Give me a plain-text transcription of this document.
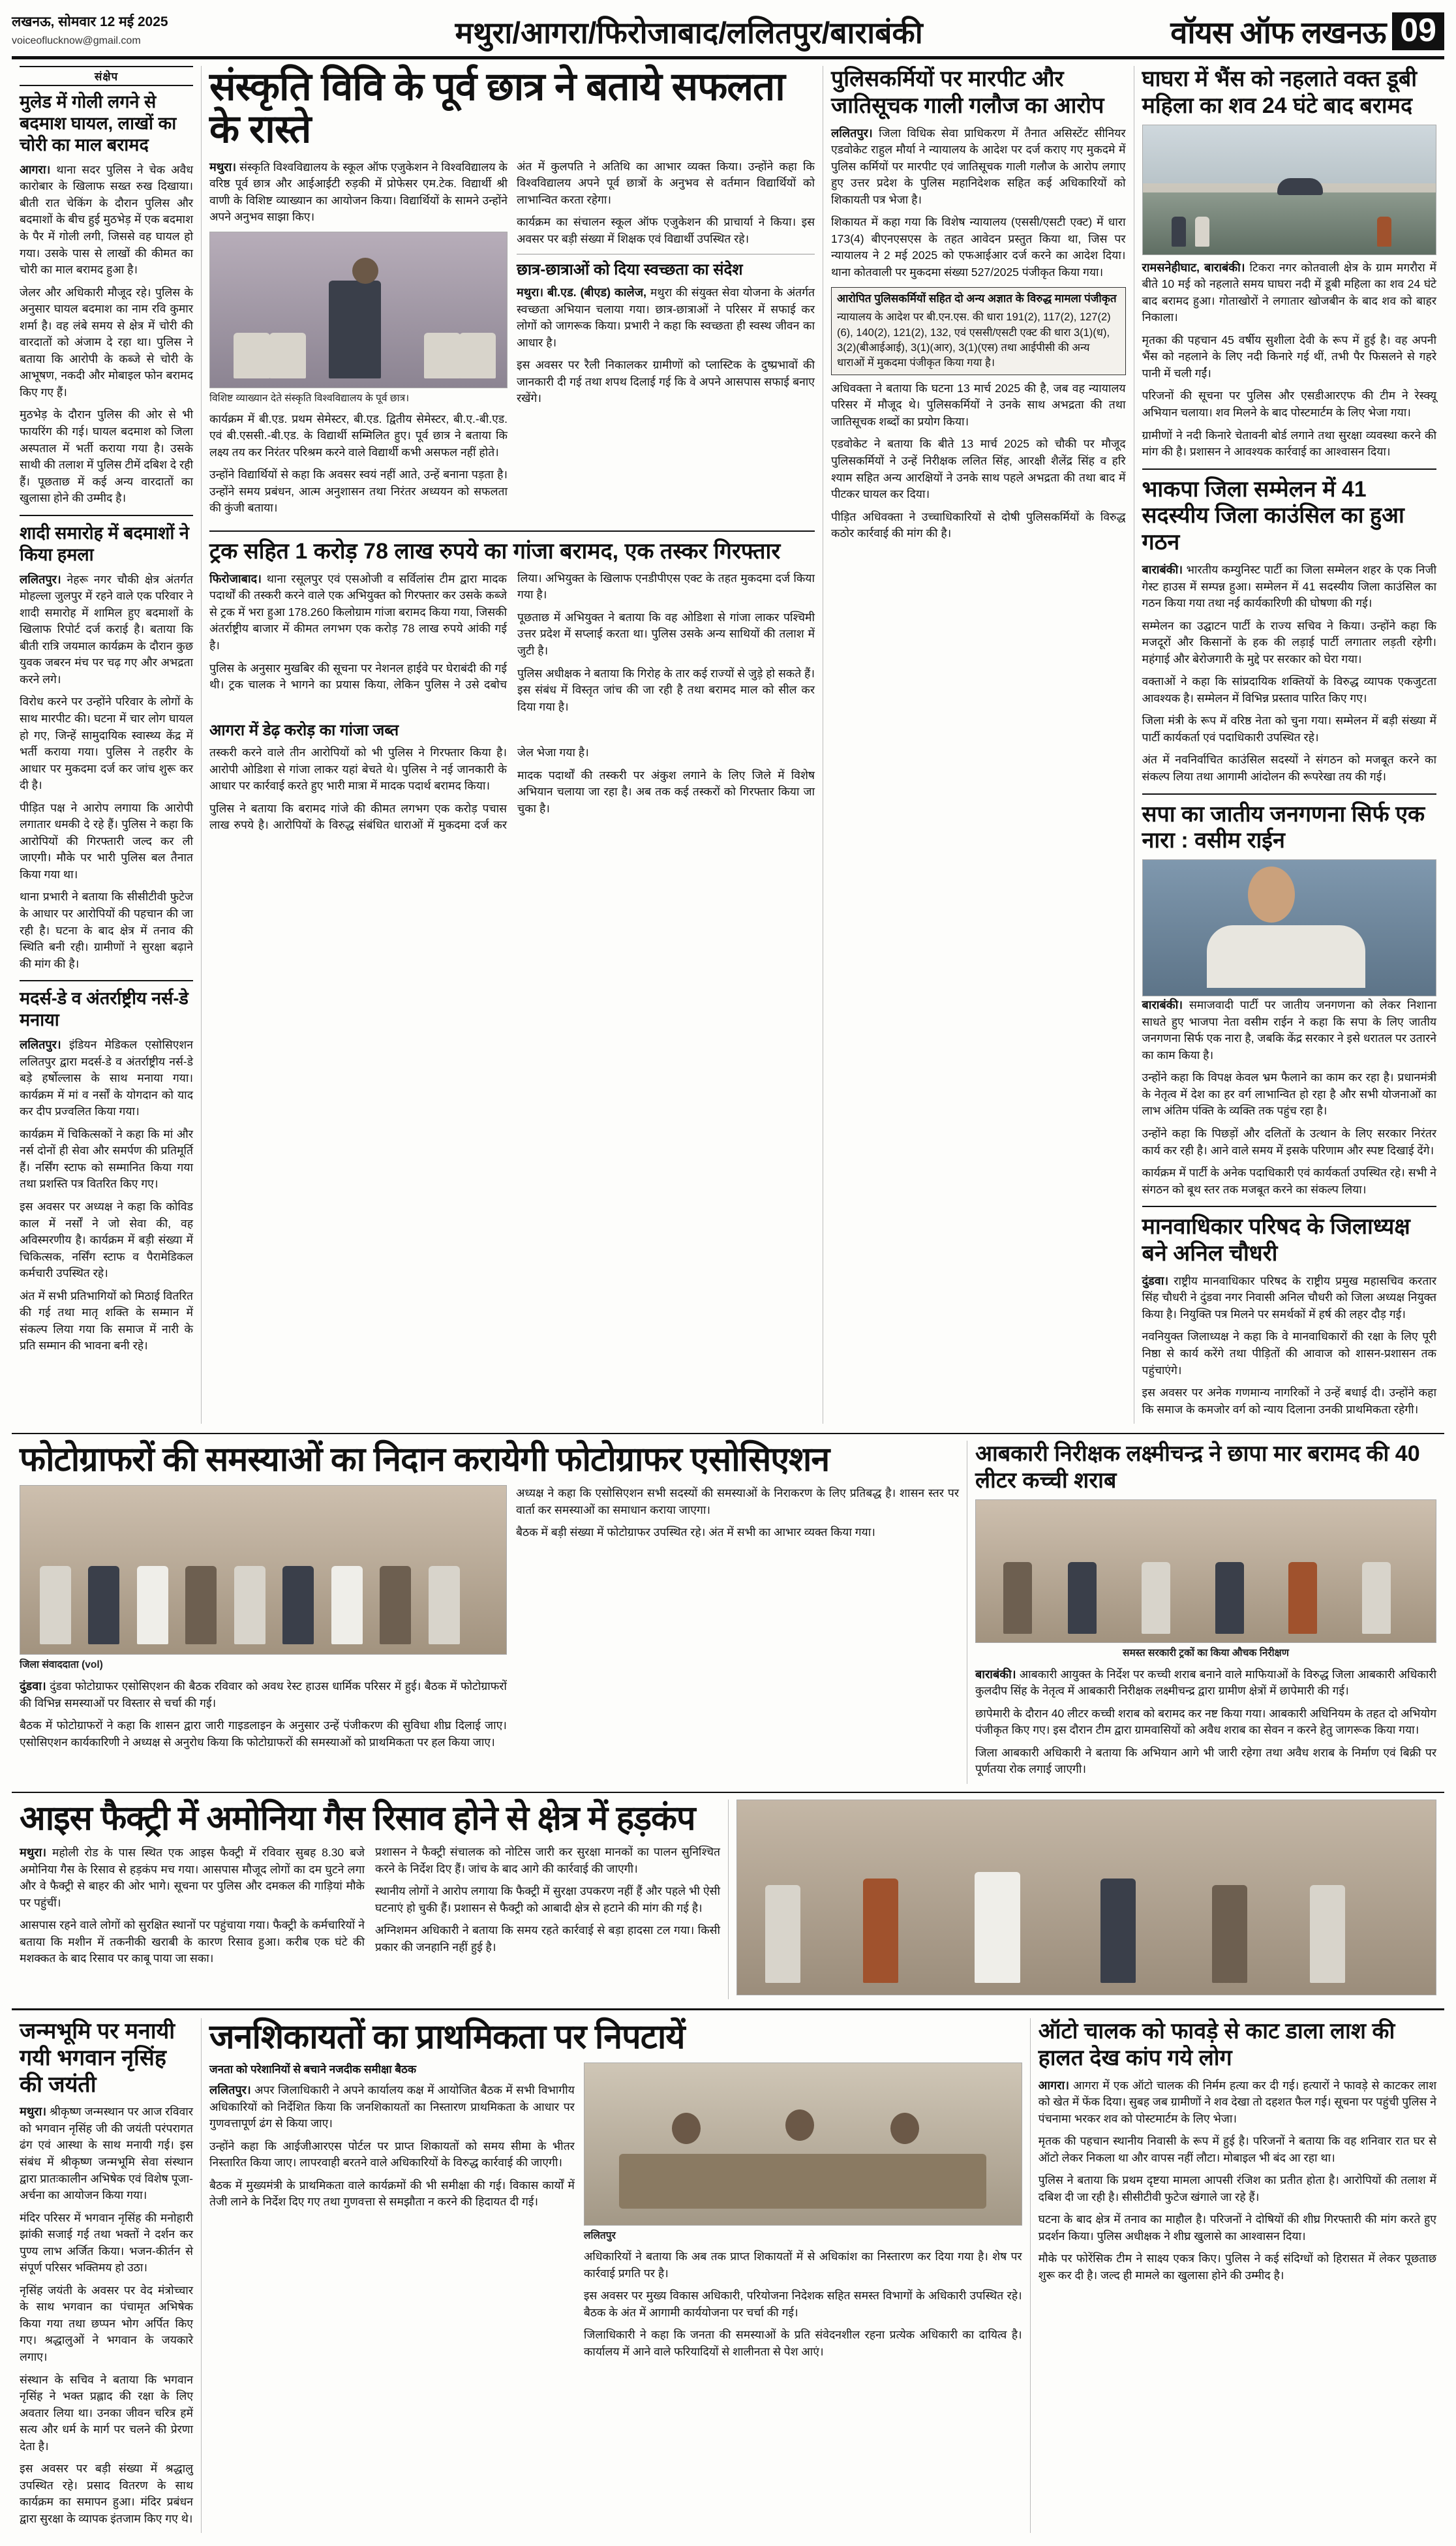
लखनऊ, सोमवार 12 मई 2025
voiceoflucknow@gmail.com	मथुरा/आगरा/फिरोजाबाद/ललितपुर/बाराबंकी	वॉयस ऑफ लखनऊ 09
संक्षेप
मुलेड में गोली लगने से बदमाश घायल, लाखों का चोरी का माल बरामद

आगरा। थाना सदर पुलिस ने चेक अवैध कारोबार के खिलाफ सख्त रुख दिखाया। बीती रात चेकिंग के दौरान पुलिस और बदमाशों के बीच हुई मुठभेड़ में एक बदमाश के पैर में गोली लगी, जिससे वह घायल हो गया। उसके पास से लाखों की कीमत का चोरी का माल बरामद हुआ है।

जेलर और अधिकारी मौजूद रहे। पुलिस के अनुसार घायल बदमाश का नाम रवि कुमार शर्मा है। वह लंबे समय से क्षेत्र में चोरी की वारदातों को अंजाम दे रहा था। पुलिस ने बताया कि आरोपी के कब्जे से चोरी के आभूषण, नकदी और मोबाइल फोन बरामद किए गए हैं।

मुठभेड़ के दौरान पुलिस की ओर से भी फायरिंग की गई। घायल बदमाश को जिला अस्पताल में भर्ती कराया गया है। उसके साथी की तलाश में पुलिस टीमें दबिश दे रही हैं। पूछताछ में कई अन्य वारदातों का खुलासा होने की उम्मीद है।

शादी समारोह में बदमाशों ने किया हमला

ललितपुर। नेहरू नगर चौकी क्षेत्र अंतर्गत मोहल्ला जुलपुर में रहने वाले एक परिवार ने शादी समारोह में शामिल हुए बदमाशों के खिलाफ रिपोर्ट दर्ज कराई है। बताया कि बीती रात्रि जयमाल कार्यक्रम के दौरान कुछ युवक जबरन मंच पर चढ़ गए और अभद्रता करने लगे।

विरोध करने पर उन्होंने परिवार के लोगों के साथ मारपीट की। घटना में चार लोग घायल हो गए, जिन्हें सामुदायिक स्वास्थ्य केंद्र में भर्ती कराया गया। पुलिस ने तहरीर के आधार पर मुकदमा दर्ज कर जांच शुरू कर दी है।

पीड़ित पक्ष ने आरोप लगाया कि आरोपी लगातार धमकी दे रहे हैं। पुलिस ने कहा कि आरोपियों की गिरफ्तारी जल्द कर ली जाएगी। मौके पर भारी पुलिस बल तैनात किया गया था।

थाना प्रभारी ने बताया कि सीसीटीवी फुटेज के आधार पर आरोपियों की पहचान की जा रही है। घटना के बाद क्षेत्र में तनाव की स्थिति बनी रही। ग्रामीणों ने सुरक्षा बढ़ाने की मांग की है।

मदर्स-डे व अंतर्राष्ट्रीय नर्स-डे मनाया

ललितपुर। इंडियन मेडिकल एसोसिएशन ललितपुर द्वारा मदर्स-डे व अंतर्राष्ट्रीय नर्स-डे बड़े हर्षोल्लास के साथ मनाया गया। कार्यक्रम में मां व नर्सों के योगदान को याद कर दीप प्रज्वलित किया गया।

कार्यक्रम में चिकित्सकों ने कहा कि मां और नर्स दोनों ही सेवा और समर्पण की प्रतिमूर्ति हैं। नर्सिंग स्टाफ को सम्मानित किया गया तथा प्रशस्ति पत्र वितरित किए गए।

इस अवसर पर अध्यक्ष ने कहा कि कोविड काल में नर्सों ने जो सेवा की, वह अविस्मरणीय है। कार्यक्रम में बड़ी संख्या में चिकित्सक, नर्सिंग स्टाफ व पैरामेडिकल कर्मचारी उपस्थित रहे।

अंत में सभी प्रतिभागियों को मिठाई वितरित की गई तथा मातृ शक्ति के सम्मान में संकल्प लिया गया कि समाज में नारी के प्रति सम्मान की भावना बनी रहे।

संस्कृति विवि के पूर्व छात्र ने बताये सफलता के रास्ते

मथुरा। संस्कृति विश्वविद्यालय के स्कूल ऑफ एजुकेशन ने विश्वविद्यालय के वरिष्ठ पूर्व छात्र और आईआईटी रुड़की में प्रोफेसर एम.टेक. विद्यार्थी श्री वाणी के विशिष्ट व्याख्यान का आयोजन किया। विद्यार्थियों के सामने उन्होंने अपने अनुभव साझा किए।

विशिष्ट व्याख्यान देते संस्कृति विश्वविद्यालय के पूर्व छात्र।

कार्यक्रम में बी.एड. प्रथम सेमेस्टर, बी.एड. द्वितीय सेमेस्टर, बी.ए.-बी.एड. एवं बी.एससी.-बी.एड. के विद्यार्थी सम्मिलित हुए। पूर्व छात्र ने बताया कि लक्ष्य तय कर निरंतर परिश्रम करने वाले विद्यार्थी कभी असफल नहीं होते।

उन्होंने विद्यार्थियों से कहा कि अवसर स्वयं नहीं आते, उन्हें बनाना पड़ता है। उन्होंने समय प्रबंधन, आत्म अनुशासन तथा निरंतर अध्ययन को सफलता की कुंजी बताया।

अंत में कुलपति ने अतिथि का आभार व्यक्त किया। उन्होंने कहा कि विश्वविद्यालय अपने पूर्व छात्रों के अनुभव से वर्तमान विद्यार्थियों को लाभान्वित करता रहेगा।

कार्यक्रम का संचालन स्कूल ऑफ एजुकेशन की प्राचार्या ने किया। इस अवसर पर बड़ी संख्या में शिक्षक एवं विद्यार्थी उपस्थित रहे।

छात्र-छात्राओं को दिया स्वच्छता का संदेश

मथुरा। बी.एड. (बीएड) कालेज, मथुरा की संयुक्त सेवा योजना के अंतर्गत स्वच्छता अभियान चलाया गया। छात्र-छात्राओं ने परिसर में सफाई कर लोगों को जागरूक किया। प्रभारी ने कहा कि स्वच्छता ही स्वस्थ जीवन का आधार है।

इस अवसर पर रैली निकालकर ग्रामीणों को प्लास्टिक के दुष्प्रभावों की जानकारी दी गई तथा शपथ दिलाई गई कि वे अपने आसपास सफाई बनाए रखेंगे।

ट्रक सहित 1 करोड़ 78 लाख रुपये का गांजा बरामद, एक तस्कर गिरफ्तार

फिरोजाबाद। थाना रसूलपुर एवं एसओजी व सर्विलांस टीम द्वारा मादक पदार्थों की तस्करी करने वाले एक अभियुक्त को गिरफ्तार कर उसके कब्जे से ट्रक में भरा हुआ 178.260 किलोग्राम गांजा बरामद किया गया, जिसकी अंतर्राष्ट्रीय बाजार में कीमत लगभग एक करोड़ 78 लाख रुपये आंकी गई है।

पुलिस के अनुसार मुखबिर की सूचना पर नेशनल हाईवे पर घेराबंदी की गई थी। ट्रक चालक ने भागने का प्रयास किया, लेकिन पुलिस ने उसे दबोच लिया। अभियुक्त के खिलाफ एनडीपीएस एक्ट के तहत मुकदमा दर्ज किया गया है।

पूछताछ में अभियुक्त ने बताया कि वह ओडिशा से गांजा लाकर पश्चिमी उत्तर प्रदेश में सप्लाई करता था। पुलिस उसके अन्य साथियों की तलाश में जुटी है।

पुलिस अधीक्षक ने बताया कि गिरोह के तार कई राज्यों से जुड़े हो सकते हैं। इस संबंध में विस्तृत जांच की जा रही है तथा बरामद माल को सील कर दिया गया है।

आगरा में डेढ़ करोड़ का गांजा जब्त

तस्करी करने वाले तीन आरोपियों को भी पुलिस ने गिरफ्तार किया है। आरोपी ओडिशा से गांजा लाकर यहां बेचते थे। पुलिस ने नई जानकारी के आधार पर कार्रवाई करते हुए भारी मात्रा में मादक पदार्थ बरामद किया।

पुलिस ने बताया कि बरामद गांजे की कीमत लगभग एक करोड़ पचास लाख रुपये है। आरोपियों के विरुद्ध संबंधित धाराओं में मुकदमा दर्ज कर जेल भेजा गया है।

मादक पदार्थों की तस्करी पर अंकुश लगाने के लिए जिले में विशेष अभियान चलाया जा रहा है। अब तक कई तस्करों को गिरफ्तार किया जा चुका है।

पुलिसकर्मियों पर मारपीट और जातिसूचक गाली गलौज का आरोप

ललितपुर। जिला विधिक सेवा प्राधिकरण में तैनात असिस्टेंट सीनियर एडवोकेट राहुल मौर्या ने न्यायालय के आदेश पर दर्ज कराए गए मुकदमे में पुलिस कर्मियों पर मारपीट एवं जातिसूचक गाली गलौज के आरोप लगाए हुए उत्तर प्रदेश के पुलिस महानिदेशक सहित कई अधिकारियों को शिकायती पत्र भेजा है।

शिकायत में कहा गया कि विशेष न्यायालय (एससी/एसटी एक्ट) में धारा 173(4) बीएनएसएस के तहत आवेदन प्रस्तुत किया था, जिस पर न्यायालय ने 2 मई 2025 को एफआईआर दर्ज करने का आदेश दिया। थाना कोतवाली पर मुकदमा संख्या 527/2025 पंजीकृत किया गया।

आरोपित पुलिसकर्मियों सहित दो अन्य अज्ञात के विरुद्ध मामला पंजीकृत
न्यायालय के आदेश पर बी.एन.एस. की धारा 191(2), 117(2), 127(2)(6), 140(2), 121(2), 132, एवं एससी/एसटी एक्ट की धारा 3(1)(ध), 3(2)(बीआईआई), 3(1)(आर), 3(1)(एस) तथा आईपीसी की अन्य धाराओं में मुकदमा पंजीकृत किया गया है।

अधिवक्ता ने बताया कि घटना 13 मार्च 2025 की है, जब वह न्यायालय परिसर में मौजूद थे। पुलिसकर्मियों ने उनके साथ अभद्रता की तथा जातिसूचक शब्दों का प्रयोग किया।

एडवोकेट ने बताया कि बीते 13 मार्च 2025 को चौकी पर मौजूद पुलिसकर्मियों ने उन्हें निरीक्षक ललित सिंह, आरक्षी शैलेंद्र सिंह व हरि श्याम सहित अन्य आरक्षियों ने उनके साथ पहले अभद्रता की तथा बाद में पीटकर घायल कर दिया।

पीड़ित अधिवक्ता ने उच्चाधिकारियों से दोषी पुलिसकर्मियों के विरुद्ध कठोर कार्रवाई की मांग की है।

घाघरा में भैंस को नहलाते वक्त डूबी महिला का शव 24 घंटे बाद बरामद

रामसनेहीघाट, बाराबंकी। टिकरा नगर कोतवाली क्षेत्र के ग्राम मगरौरा में बीते 10 मई को नहलाते समय घाघरा नदी में डूबी महिला का शव 24 घंटे बाद बरामद हुआ। गोताखोरों ने लगातार खोजबीन के बाद शव को बाहर निकाला।

मृतका की पहचान 45 वर्षीय सुशीला देवी के रूप में हुई है। वह अपनी भैंस को नहलाने के लिए नदी किनारे गई थीं, तभी पैर फिसलने से गहरे पानी में चली गईं।

परिजनों की सूचना पर पुलिस और एसडीआरएफ की टीम ने रेस्क्यू अभियान चलाया। शव मिलने के बाद पोस्टमार्टम के लिए भेजा गया।

ग्रामीणों ने नदी किनारे चेतावनी बोर्ड लगाने तथा सुरक्षा व्यवस्था करने की मांग की है। प्रशासन ने आवश्यक कार्रवाई का आश्वासन दिया।

भाकपा जिला सम्मेलन में 41 सदस्यीय जिला काउंसिल का हुआ गठन

बाराबंकी। भारतीय कम्युनिस्ट पार्टी का जिला सम्मेलन शहर के एक निजी गेस्ट हाउस में सम्पन्न हुआ। सम्मेलन में 41 सदस्यीय जिला काउंसिल का गठन किया गया तथा नई कार्यकारिणी की घोषणा की गई।

सम्मेलन का उद्घाटन पार्टी के राज्य सचिव ने किया। उन्होंने कहा कि मजदूरों और किसानों के हक की लड़ाई पार्टी लगातार लड़ती रहेगी। महंगाई और बेरोजगारी के मुद्दे पर सरकार को घेरा गया।

वक्ताओं ने कहा कि सांप्रदायिक शक्तियों के विरुद्ध व्यापक एकजुटता आवश्यक है। सम्मेलन में विभिन्न प्रस्ताव पारित किए गए।

जिला मंत्री के रूप में वरिष्ठ नेता को चुना गया। सम्मेलन में बड़ी संख्या में पार्टी कार्यकर्ता एवं पदाधिकारी उपस्थित रहे।

अंत में नवनिर्वाचित काउंसिल सदस्यों ने संगठन को मजबूत करने का संकल्प लिया तथा आगामी आंदोलन की रूपरेखा तय की गई।

सपा का जातीय जनगणना सिर्फ एक नारा : वसीम राईन

बाराबंकी। समाजवादी पार्टी पर जातीय जनगणना को लेकर निशाना साधते हुए भाजपा नेता वसीम राईन ने कहा कि सपा के लिए जातीय जनगणना सिर्फ एक नारा है, जबकि केंद्र सरकार ने इसे धरातल पर उतारने का काम किया है।

उन्होंने कहा कि विपक्ष केवल भ्रम फैलाने का काम कर रहा है। प्रधानमंत्री के नेतृत्व में देश का हर वर्ग लाभान्वित हो रहा है और सभी योजनाओं का लाभ अंतिम पंक्ति के व्यक्ति तक पहुंच रहा है।

उन्होंने कहा कि पिछड़ों और दलितों के उत्थान के लिए सरकार निरंतर कार्य कर रही है। आने वाले समय में इसके परिणाम और स्पष्ट दिखाई देंगे।

कार्यक्रम में पार्टी के अनेक पदाधिकारी एवं कार्यकर्ता उपस्थित रहे। सभी ने संगठन को बूथ स्तर तक मजबूत करने का संकल्प लिया।

मानवाधिकार परिषद के जिलाध्यक्ष बने अनिल चौधरी

दुंडवा। राष्ट्रीय मानवाधिकार परिषद के राष्ट्रीय प्रमुख महासचिव करतार सिंह चौधरी ने दुंडवा नगर निवासी अनिल चौधरी को जिला अध्यक्ष नियुक्त किया है। नियुक्ति पत्र मिलने पर समर्थकों में हर्ष की लहर दौड़ गई।

नवनियुक्त जिलाध्यक्ष ने कहा कि वे मानवाधिकारों की रक्षा के लिए पूरी निष्ठा से कार्य करेंगे तथा पीड़ितों की आवाज को शासन-प्रशासन तक पहुंचाएंगे।

इस अवसर पर अनेक गणमान्य नागरिकों ने उन्हें बधाई दी। उन्होंने कहा कि समाज के कमजोर वर्ग को न्याय दिलाना उनकी प्राथमिकता रहेगी।

फोटोग्राफरों की समस्याओं का निदान करायेगी फोटोग्राफर एसोसिएशन
जिला संवाददाता (vol)

दुंडवा। दुंडवा फोटोग्राफर एसोसिएशन की बैठक रविवार को अवध रेस्ट हाउस धार्मिक परिसर में हुई। बैठक में फोटोग्राफरों की विभिन्न समस्याओं पर विस्तार से चर्चा की गई।

बैठक में फोटोग्राफरों ने कहा कि शासन द्वारा जारी गाइडलाइन के अनुसार उन्हें पंजीकरण की सुविधा शीघ्र दिलाई जाए। एसोसिएशन कार्यकारिणी ने अध्यक्ष से अनुरोध किया कि फोटोग्राफरों की समस्याओं को प्राथमिकता पर हल किया जाए।

अध्यक्ष ने कहा कि एसोसिएशन सभी सदस्यों की समस्याओं के निराकरण के लिए प्रतिबद्ध है। शासन स्तर पर वार्ता कर समस्याओं का समाधान कराया जाएगा।

बैठक में बड़ी संख्या में फोटोग्राफर उपस्थित रहे। अंत में सभी का आभार व्यक्त किया गया।

आबकारी निरीक्षक लक्ष्मीचन्द्र ने छापा मार बरामद की 40 लीटर कच्ची शराब
समस्त सरकारी ट्रकों का किया औचक निरीक्षण

बाराबंकी। आबकारी आयुक्त के निर्देश पर कच्ची शराब बनाने वाले माफियाओं के विरुद्ध जिला आबकारी अधिकारी कुलदीप सिंह के नेतृत्व में आबकारी निरीक्षक लक्ष्मीचन्द्र द्वारा ग्रामीण क्षेत्रों में छापेमारी की गई।

छापेमारी के दौरान 40 लीटर कच्ची शराब को बरामद कर नष्ट किया गया। आबकारी अधिनियम के तहत दो अभियोग पंजीकृत किए गए। इस दौरान टीम द्वारा ग्रामवासियों को अवैध शराब का सेवन न करने हेतु जागरूक किया गया।

जिला आबकारी अधिकारी ने बताया कि अभियान आगे भी जारी रहेगा तथा अवैध शराब के निर्माण एवं बिक्री पर पूर्णतया रोक लगाई जाएगी।

आइस फैक्ट्री में अमोनिया गैस रिसाव होने से क्षेत्र में हड़कंप

मथुरा। महोली रोड के पास स्थित एक आइस फैक्ट्री में रविवार सुबह 8.30 बजे अमोनिया गैस के रिसाव से हड़कंप मच गया। आसपास मौजूद लोगों का दम घुटने लगा और वे फैक्ट्री से बाहर की ओर भागे। सूचना पर पुलिस और दमकल की गाड़ियां मौके पर पहुंचीं।

आसपास रहने वाले लोगों को सुरक्षित स्थानों पर पहुंचाया गया। फैक्ट्री के कर्मचारियों ने बताया कि मशीन में तकनीकी खराबी के कारण रिसाव हुआ। करीब एक घंटे की मशक्कत के बाद रिसाव पर काबू पाया जा सका।

प्रशासन ने फैक्ट्री संचालक को नोटिस जारी कर सुरक्षा मानकों का पालन सुनिश्चित करने के निर्देश दिए हैं। जांच के बाद आगे की कार्रवाई की जाएगी।

स्थानीय लोगों ने आरोप लगाया कि फैक्ट्री में सुरक्षा उपकरण नहीं हैं और पहले भी ऐसी घटनाएं हो चुकी हैं। प्रशासन से फैक्ट्री को आबादी क्षेत्र से हटाने की मांग की गई है।

अग्निशमन अधिकारी ने बताया कि समय रहते कार्रवाई से बड़ा हादसा टल गया। किसी प्रकार की जनहानि नहीं हुई है।

जन्मभूमि पर मनायी गयी भगवान नृसिंह की जयंती

मथुरा। श्रीकृष्ण जन्मस्थान पर आज रविवार को भगवान नृसिंह जी की जयंती परंपरागत ढंग एवं आस्था के साथ मनायी गई। इस संबंध में श्रीकृष्ण जन्मभूमि सेवा संस्थान द्वारा प्रातःकालीन अभिषेक एवं विशेष पूजा-अर्चना का आयोजन किया गया।

मंदिर परिसर में भगवान नृसिंह की मनोहारी झांकी सजाई गई तथा भक्तों ने दर्शन कर पुण्य लाभ अर्जित किया। भजन-कीर्तन से संपूर्ण परिसर भक्तिमय हो उठा।

नृसिंह जयंती के अवसर पर वेद मंत्रोच्चार के साथ भगवान का पंचामृत अभिषेक किया गया तथा छप्पन भोग अर्पित किए गए। श्रद्धालुओं ने भगवान के जयकारे लगाए।

संस्थान के सचिव ने बताया कि भगवान नृसिंह ने भक्त प्रह्लाद की रक्षा के लिए अवतार लिया था। उनका जीवन चरित्र हमें सत्य और धर्म के मार्ग पर चलने की प्रेरणा देता है।

इस अवसर पर बड़ी संख्या में श्रद्धालु उपस्थित रहे। प्रसाद वितरण के साथ कार्यक्रम का समापन हुआ। मंदिर प्रबंधन द्वारा सुरक्षा के व्यापक इंतजाम किए गए थे।

जनशिकायतों का प्राथमिकता पर निपटायें
जनता को परेशानियों से बचाने नजदीक समीक्षा बैठक

ललितपुर। अपर जिलाधिकारी ने अपने कार्यालय कक्ष में आयोजित बैठक में सभी विभागीय अधिकारियों को निर्देशित किया कि जनशिकायतों का निस्तारण प्राथमिकता के आधार पर गुणवत्तापूर्ण ढंग से किया जाए।

उन्होंने कहा कि आईजीआरएस पोर्टल पर प्राप्त शिकायतों को समय सीमा के भीतर निस्तारित किया जाए। लापरवाही बरतने वाले अधिकारियों के विरुद्ध कार्रवाई की जाएगी।

बैठक में मुख्यमंत्री के प्राथमिकता वाले कार्यक्रमों की भी समीक्षा की गई। विकास कार्यों में तेजी लाने के निर्देश दिए गए तथा गुणवत्ता से समझौता न करने की हिदायत दी गई।

ललितपुर

अधिकारियों ने बताया कि अब तक प्राप्त शिकायतों में से अधिकांश का निस्तारण कर दिया गया है। शेष पर कार्रवाई प्रगति पर है।

इस अवसर पर मुख्य विकास अधिकारी, परियोजना निदेशक सहित समस्त विभागों के अधिकारी उपस्थित रहे। बैठक के अंत में आगामी कार्ययोजना पर चर्चा की गई।

जिलाधिकारी ने कहा कि जनता की समस्याओं के प्रति संवेदनशील रहना प्रत्येक अधिकारी का दायित्व है। कार्यालय में आने वाले फरियादियों से शालीनता से पेश आएं।

ऑटो चालक को फावड़े से काट डाला लाश की हालत देख कांप गये लोग

आगरा। आगरा में एक ऑटो चालक की निर्मम हत्या कर दी गई। हत्यारों ने फावड़े से काटकर लाश को खेत में फेंक दिया। सुबह जब ग्रामीणों ने शव देखा तो दहशत फैल गई। सूचना पर पहुंची पुलिस ने पंचनामा भरकर शव को पोस्टमार्टम के लिए भेजा।

मृतक की पहचान स्थानीय निवासी के रूप में हुई है। परिजनों ने बताया कि वह शनिवार रात घर से ऑटो लेकर निकला था और वापस नहीं लौटा। मोबाइल भी बंद आ रहा था।

पुलिस ने बताया कि प्रथम दृष्टया मामला आपसी रंजिश का प्रतीत होता है। आरोपियों की तलाश में दबिश दी जा रही है। सीसीटीवी फुटेज खंगाले जा रहे हैं।

घटना के बाद क्षेत्र में तनाव का माहौल है। परिजनों ने दोषियों की शीघ्र गिरफ्तारी की मांग करते हुए प्रदर्शन किया। पुलिस अधीक्षक ने शीघ्र खुलासे का आश्वासन दिया।

मौके पर फोरेंसिक टीम ने साक्ष्य एकत्र किए। पुलिस ने कई संदिग्धों को हिरासत में लेकर पूछताछ शुरू कर दी है। जल्द ही मामले का खुलासा होने की उम्मीद है।
